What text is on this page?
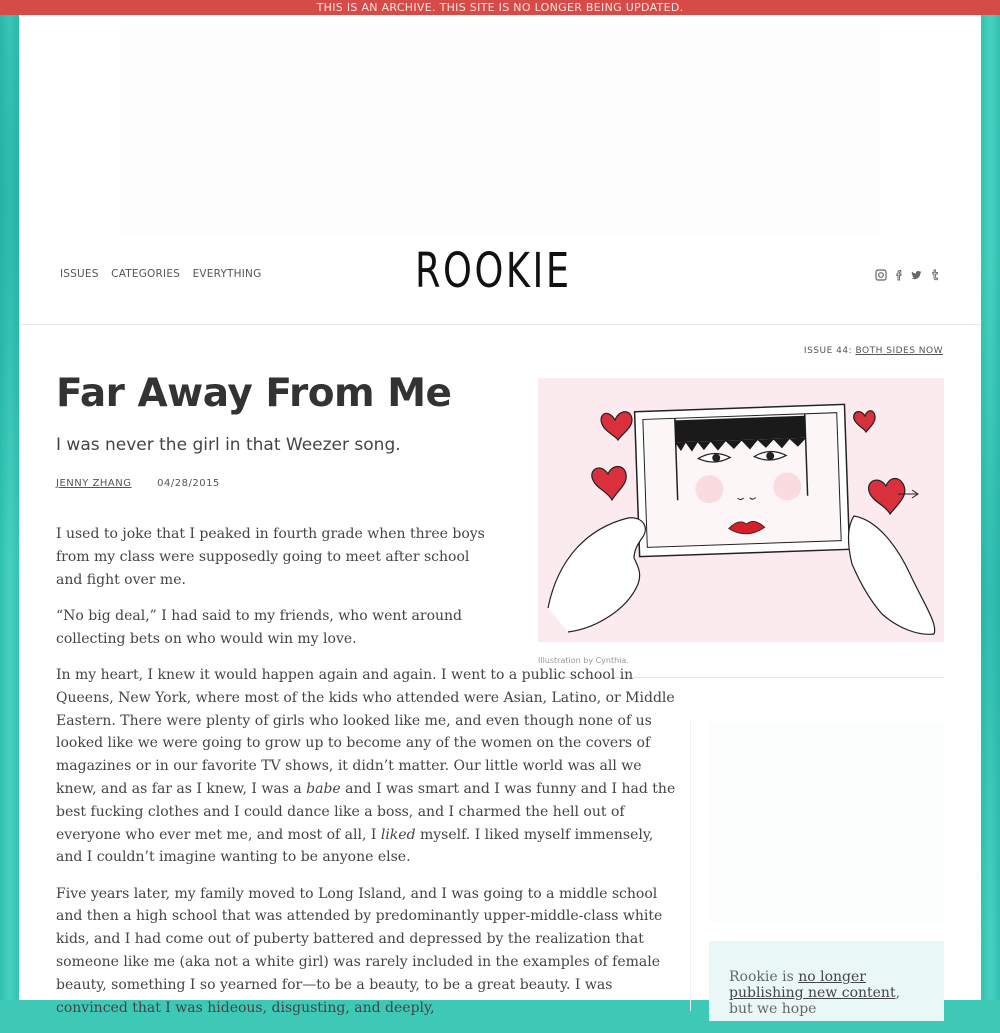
THIS IS AN ARCHIVE. THIS SITE IS NO LONGER BEING UPDATED.
ISSUES CATEGORIES EVERYTHING	ROOKIE
ISSUE 44: BOTH SIDES NOW
Far Away From Me

I was never the girl in that Weezer song.

JENNY ZHANG	04/28/2015
Illustration by Cynthia.

I used to joke that I peaked in fourth grade when three boys from my class were supposedly going to meet after school and fight over me.

“No big deal,” I had said to my friends, who went around collecting bets on who would win my love.

In my heart, I knew it would happen again and again. I went to a public school in Queens, New York, where most of the kids who attended were Asian, Latino, or Middle Eastern. There were plenty of girls who looked like me, and even though none of us looked like we were going to grow up to become any of the women on the covers of magazines or in our favorite TV shows, it didn’t matter. Our little world was all we knew, and as far as I knew, I was a babe and I was smart and I was funny and I had the best fucking clothes and I could dance like a boss, and I charmed the hell out of everyone who ever met me, and most of all, I liked myself. I liked myself immensely, and I couldn’t imagine wanting to be anyone else.

Five years later, my family moved to Long Island, and I was going to a middle school and then a high school that was attended by predominantly upper-middle-class white kids, and I had come out of puberty battered and depressed by the realization that someone like me (aka not a white girl) was rarely included in the examples of female beauty, something I so yearned for—to be a beauty, to be a great beauty. I was convinced that I was hideous, disgusting, and deeply,

Rookie is no longer publishing new content, but we hope
